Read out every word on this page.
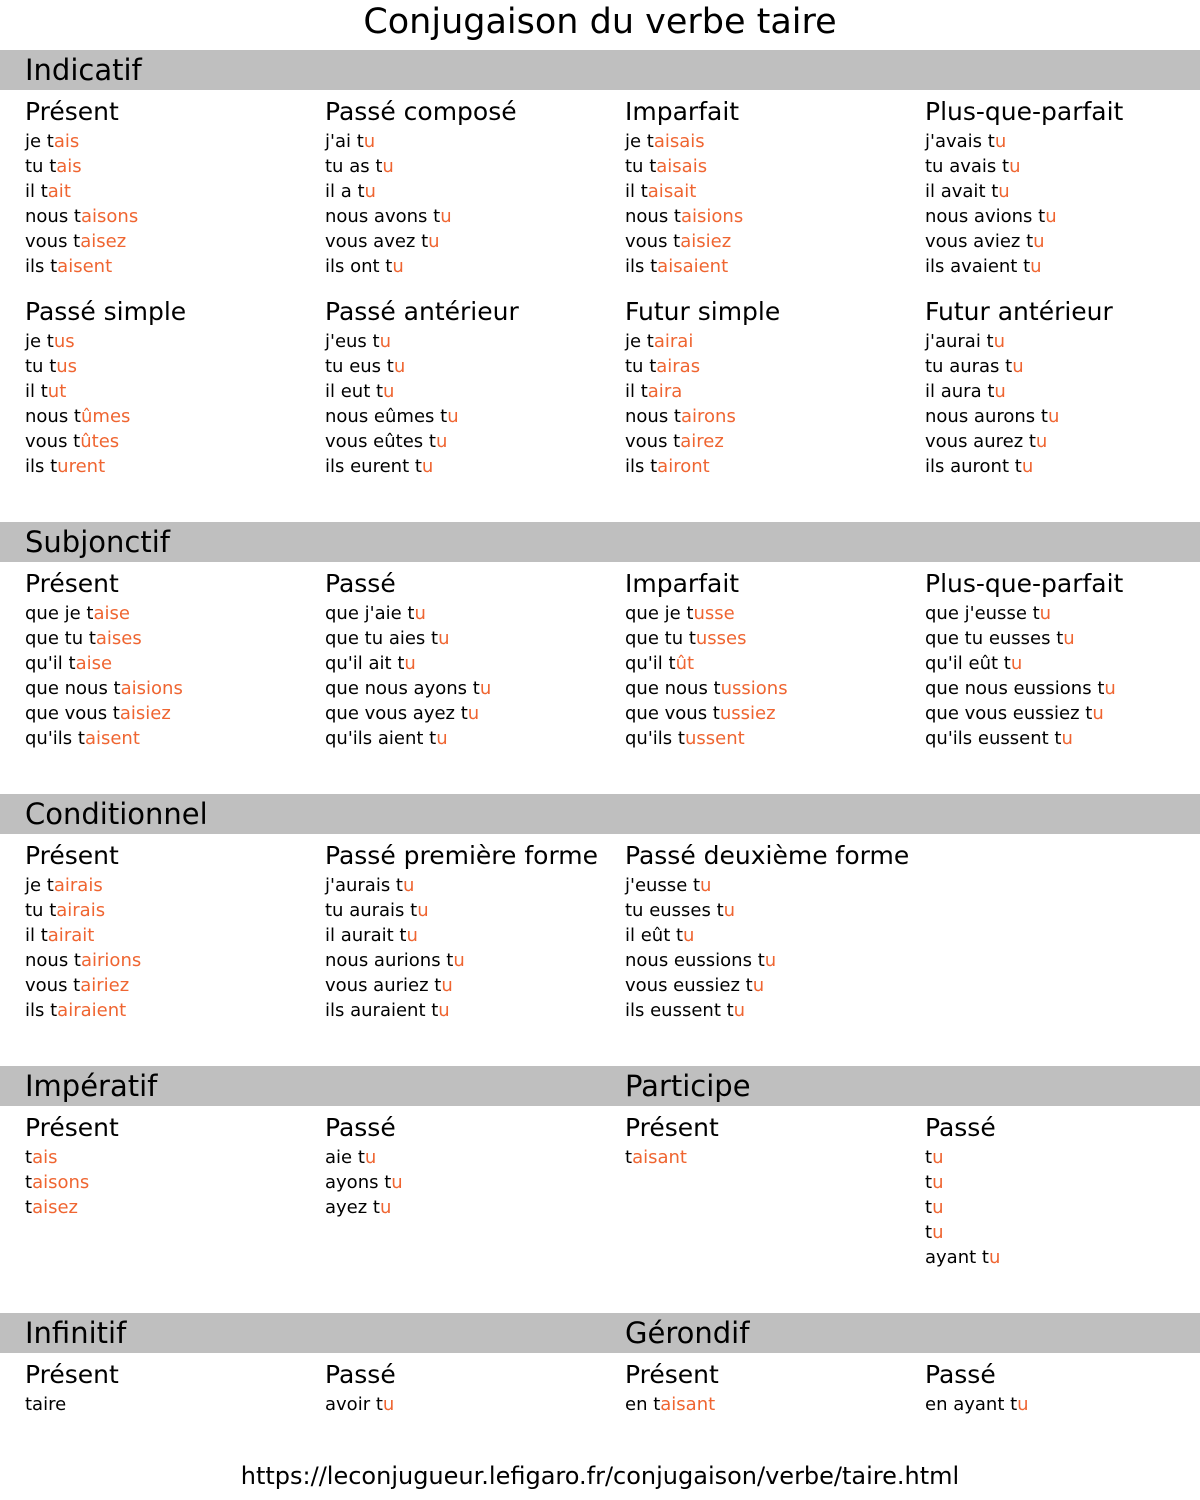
Conjugaison du verbe taire
Indicatif
Présent
je tais
tu tais
il tait
nous taisons
vous taisez
ils taisent
Passé composé
j'ai tu
tu as tu
il a tu
nous avons tu
vous avez tu
ils ont tu
Imparfait
je taisais
tu taisais
il taisait
nous taisions
vous taisiez
ils taisaient
Plus-que-parfait
j'avais tu
tu avais tu
il avait tu
nous avions tu
vous aviez tu
ils avaient tu
Passé simple
je tus
tu tus
il tut
nous tûmes
vous tûtes
ils turent
Passé antérieur
j'eus tu
tu eus tu
il eut tu
nous eûmes tu
vous eûtes tu
ils eurent tu
Futur simple
je tairai
tu tairas
il taira
nous tairons
vous tairez
ils tairont
Futur antérieur
j'aurai tu
tu auras tu
il aura tu
nous aurons tu
vous aurez tu
ils auront tu
Subjonctif
Présent
que je taise
que tu taises
qu'il taise
que nous taisions
que vous taisiez
qu'ils taisent
Passé
que j'aie tu
que tu aies tu
qu'il ait tu
que nous ayons tu
que vous ayez tu
qu'ils aient tu
Imparfait
que je tusse
que tu tusses
qu'il tût
que nous tussions
que vous tussiez
qu'ils tussent
Plus-que-parfait
que j'eusse tu
que tu eusses tu
qu'il eût tu
que nous eussions tu
que vous eussiez tu
qu'ils eussent tu
Conditionnel
Présent
je tairais
tu tairais
il tairait
nous tairions
vous tairiez
ils tairaient
Passé première forme
j'aurais tu
tu aurais tu
il aurait tu
nous aurions tu
vous auriez tu
ils auraient tu
Passé deuxième forme
j'eusse tu
tu eusses tu
il eût tu
nous eussions tu
vous eussiez tu
ils eussent tu
Impératif	Participe
Présent
tais
taisons
taisez
Passé
aie tu
ayons tu
ayez tu
Présent
taisant
Passé
tu
tu
tu
tu
ayant tu
Infinitif	Gérondif
Présent
taire
Passé
avoir tu
Présent
en taisant
Passé
en ayant tu
https://leconjugueur.lefigaro.fr/conjugaison/verbe/taire.html
